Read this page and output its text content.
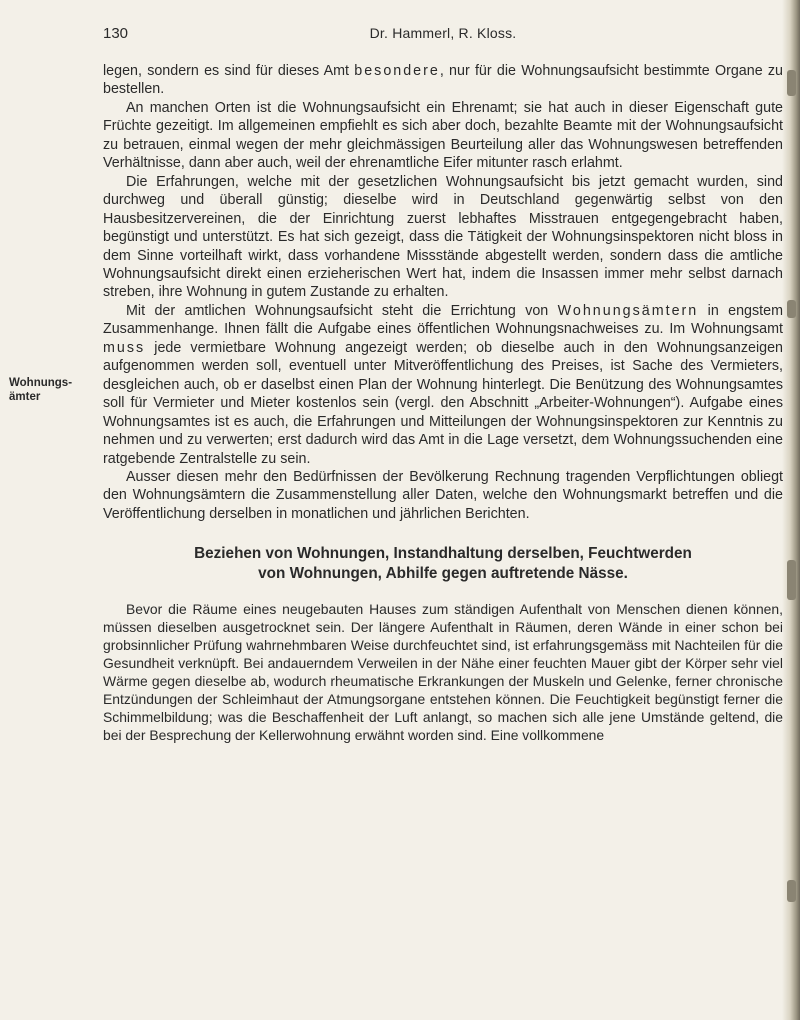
130	Dr. Hammerl, R. Kloss.
Wohnungs-
ämter

legen, sondern es sind für dieses Amt besondere, nur für die Wohnungsaufsicht bestimmte Organe zu bestellen.

An manchen Orten ist die Wohnungsaufsicht ein Ehrenamt; sie hat auch in dieser Eigenschaft gute Früchte gezeitigt. Im allgemeinen empfiehlt es sich aber doch, bezahlte Beamte mit der Wohnungsaufsicht zu betrauen, einmal wegen der mehr gleichmässigen Beurteilung aller das Wohnungswesen betreffenden Verhältnisse, dann aber auch, weil der ehrenamtliche Eifer mitunter rasch erlahmt.

Die Erfahrungen, welche mit der gesetzlichen Wohnungsaufsicht bis jetzt gemacht wurden, sind durchweg und überall günstig; dieselbe wird in Deutschland gegenwärtig selbst von den Hausbesitzervereinen, die der Einrichtung zuerst lebhaftes Misstrauen entgegengebracht haben, begünstigt und unterstützt. Es hat sich gezeigt, dass die Tätigkeit der Wohnungsinspektoren nicht bloss in dem Sinne vorteilhaft wirkt, dass vorhandene Missstände abgestellt werden, sondern dass die amtliche Wohnungsaufsicht direkt einen erzieherischen Wert hat, indem die Insassen immer mehr selbst darnach streben, ihre Wohnung in gutem Zustande zu erhalten.

Mit der amtlichen Wohnungsaufsicht steht die Errichtung von Wohnungsämtern in engstem Zusammenhange. Ihnen fällt die Aufgabe eines öffentlichen Wohnungsnachweises zu. Im Wohnungsamt muss jede vermietbare Wohnung angezeigt werden; ob dieselbe auch in den Wohnungsanzeigen aufgenommen werden soll, eventuell unter Mitveröffentlichung des Preises, ist Sache des Vermieters, desgleichen auch, ob er daselbst einen Plan der Wohnung hinterlegt. Die Benützung des Wohnungsamtes soll für Vermieter und Mieter kostenlos sein (vergl. den Abschnitt „Arbeiter-Wohnungen“). Aufgabe eines Wohnungsamtes ist es auch, die Erfahrungen und Mitteilungen der Wohnungsinspektoren zur Kenntnis zu nehmen und zu verwerten; erst dadurch wird das Amt in die Lage versetzt, dem Wohnungssuchenden eine ratgebende Zentralstelle zu sein.

Ausser diesen mehr den Bedürfnissen der Bevölkerung Rechnung tragenden Verpflichtungen obliegt den Wohnungsämtern die Zusammenstellung aller Daten, welche den Wohnungsmarkt betreffen und die Veröffentlichung derselben in monatlichen und jährlichen Berichten.

Beziehen von Wohnungen, Instandhaltung derselben, Feuchtwerden
von Wohnungen, Abhilfe gegen auftretende Nässe.

Bevor die Räume eines neugebauten Hauses zum ständigen Aufenthalt von Menschen dienen können, müssen dieselben ausgetrocknet sein. Der längere Aufenthalt in Räumen, deren Wände in einer schon bei grobsinnlicher Prüfung wahrnehmbaren Weise durchfeuchtet sind, ist erfahrungsgemäss mit Nachteilen für die Gesundheit verknüpft. Bei andauerndem Verweilen in der Nähe einer feuchten Mauer gibt der Körper sehr viel Wärme gegen dieselbe ab, wodurch rheumatische Erkrankungen der Muskeln und Gelenke, ferner chronische Entzündungen der Schleimhaut der Atmungsorgane entstehen können. Die Feuchtigkeit begünstigt ferner die Schimmelbildung; was die Beschaffenheit der Luft anlangt, so machen sich alle jene Umstände geltend, die bei der Besprechung der Kellerwohnung erwähnt worden sind. Eine vollkommene
